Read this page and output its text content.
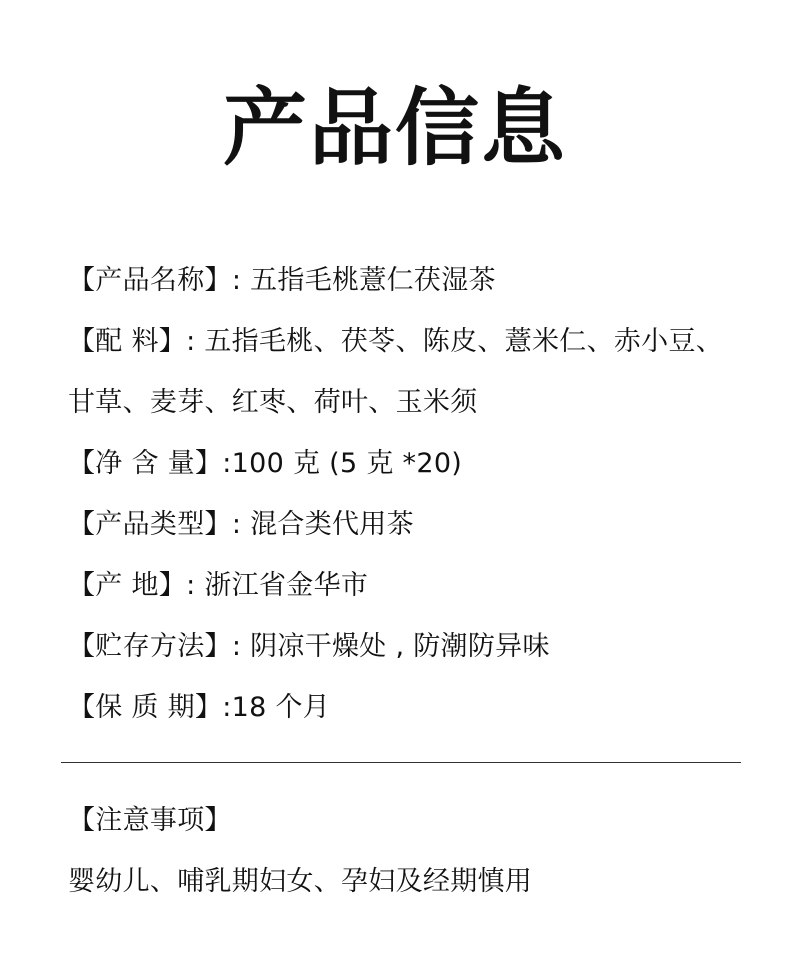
产品信息
【产品名称】: 五指毛桃薏仁茯湿茶
【配 料】: 五指毛桃、茯苓、陈皮、薏米仁、赤小豆、
甘草、麦芽、红枣、荷叶、玉米须
【净 含 量】:100 克 (5 克 *20)
【产品类型】: 混合类代用茶
【产 地】: 浙江省金华市
【贮存方法】: 阴凉干燥处 , 防潮防异味
【保 质 期】:18 个月
【注意事项】
婴幼儿、哺乳期妇女、孕妇及经期慎用
